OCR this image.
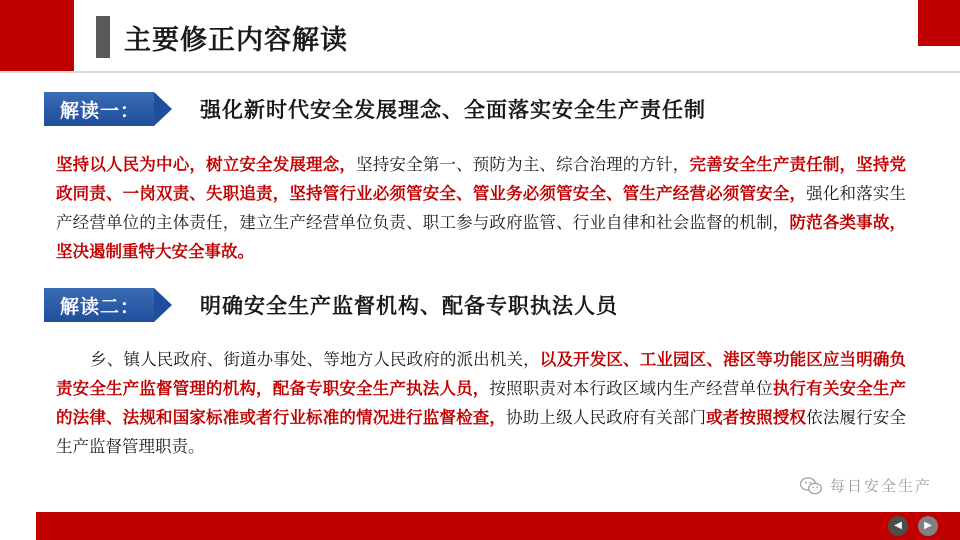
主要修正内容解读
解读一：	强化新时代安全发展理念、全面落实安全生产责任制
坚持以人民为中心，树立安全发展理念，坚持安全第一、预防为主、综合治理的方针，完善安全生产责任制，坚持党政同责、一岗双责、失职追责，坚持管行业必须管安全、管业务必须管安全、管生产经营必须管安全，强化和落实生产经营单位的主体责任，建立生产经营单位负责、职工参与政府监管、行业自律和社会监督的机制，防范各类事故，坚决遏制重特大安全事故。
解读二：	明确安全生产监督机构、配备专职执法人员
乡、镇人民政府、街道办事处、等地方人民政府的派出机关，以及开发区、工业园区、港区等功能区应当明确负责安全生产监督管理的机构，配备专职安全生产执法人员，按照职责对本行政区域内生产经营单位执行有关安全生产的法律、法规和国家标准或者行业标准的情况进行监督检查，协助上级人民政府有关部门或者按照授权依法履行安全生产监督管理职责。
每日安全生产
◀	▶
